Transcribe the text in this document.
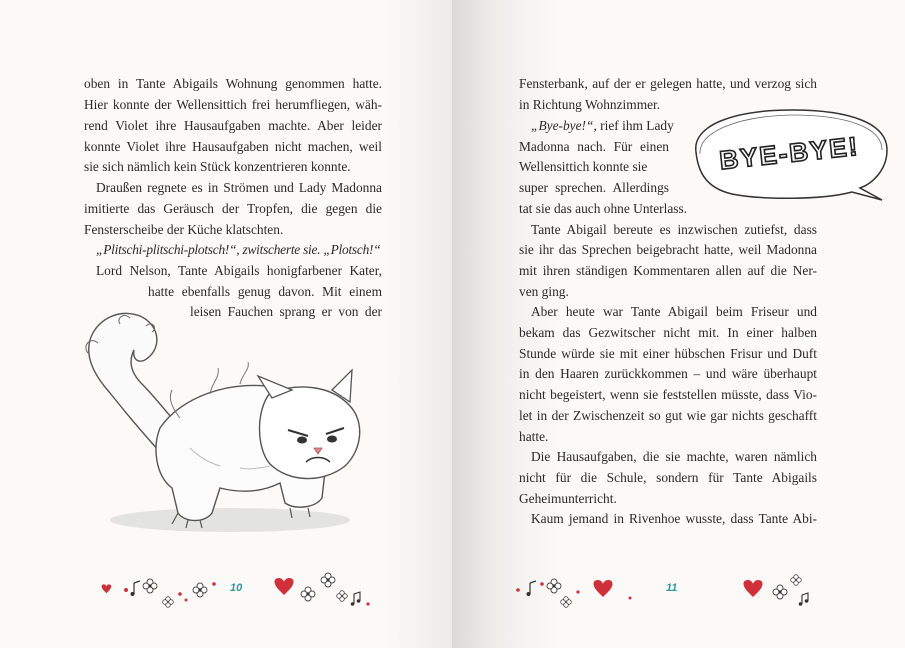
oben in Tante Abigails Wohnung genommen hatte.
Hier konnte der Wellensittich frei herumfliegen, wäh-
rend Violet ihre Hausaufgaben machte. Aber leider
konnte Violet ihre Hausaufgaben nicht machen, weil
sie sich nämlich kein Stück konzentrieren konnte.
Draußen regnete es in Strömen und Lady Madonna
imitierte das Geräusch der Tropfen, die gegen die
Fensterscheibe der Küche klatschten.
„Plitschi-plitschi-plotsch!“, zwitscherte sie. „Plotsch!“
Lord Nelson, Tante Abigails honigfarbener Kater,
hatte ebenfalls genug davon. Mit einem
leisen Fauchen sprang er von der
10
Fensterbank, auf der er gelegen hatte, und verzog sich
in Richtung Wohnzimmer.
„Bye-bye!“, rief ihm Lady
Madonna nach. Für einen
Wellensittich konnte sie
super sprechen. Allerdings
tat sie das auch ohne Unterlass.
Tante Abigail bereute es inzwischen zutiefst, dass
sie ihr das Sprechen beigebracht hatte, weil Madonna
mit ihren ständigen Kommentaren allen auf die Ner-
ven ging.
Aber heute war Tante Abigail beim Friseur und
bekam das Gezwitscher nicht mit. In einer halben
Stunde würde sie mit einer hübschen Frisur und Duft
in den Haaren zurückkommen – und wäre überhaupt
nicht begeistert, wenn sie feststellen müsste, dass Vio-
let in der Zwischenzeit so gut wie gar nichts geschafft
hatte.
Die Hausaufgaben, die sie machte, waren nämlich
nicht für die Schule, sondern für Tante Abigails
Geheimunterricht.
Kaum jemand in Rivenhoe wusste, dass Tante Abi-
BYE-BYE!
11
